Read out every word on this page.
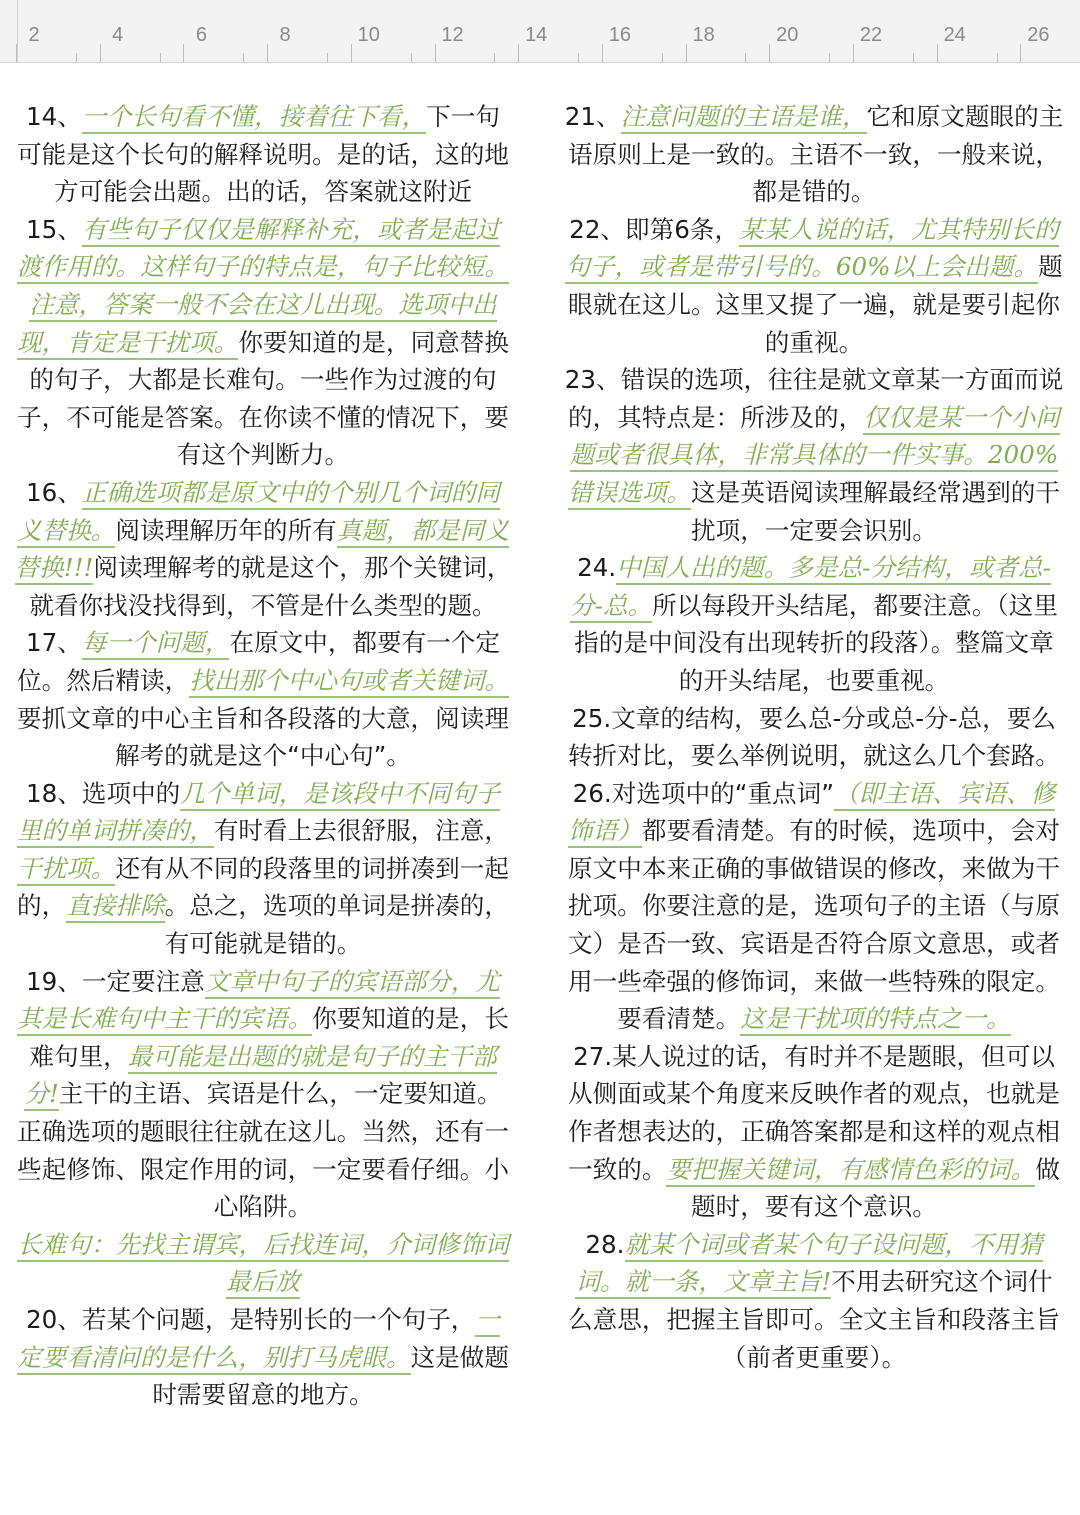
2	4	6	8	10	12	14	16	18	20	22	24	26

14、一个长句看不懂，接着往下看，下一句可能是这个长句的解释说明。是的话，这的地方可能会出题。出的话，答案就这附近

15、有些句子仅仅是解释补充，或者是起过渡作用的。这样句子的特点是，句子比较短。注意，答案一般不会在这儿出现。选项中出现，肯定是干扰项。你要知道的是，同意替换的句子，大都是长难句。一些作为过渡的句子，不可能是答案。在你读不懂的情况下，要有这个判断力。

16、正确选项都是原文中的个别几个词的同义替换。阅读理解历年的所有真题，都是同义替换!!!阅读理解考的就是这个，那个关键词，就看你找没找得到，不管是什么类型的题。

17、每一个问题，在原文中，都要有一个定位。然后精读，找出那个中心句或者关键词。要抓文章的中心主旨和各段落的大意，阅读理解考的就是这个“中心句”。

18、选项中的几个单词，是该段中不同句子里的单词拼凑的，有时看上去很舒服，注意，干扰项。还有从不同的段落里的词拼凑到一起的，直接排除。总之，选项的单词是拼凑的，有可能就是错的。

19、一定要注意文章中句子的宾语部分，尤其是长难句中主干的宾语。你要知道的是，长难句里，最可能是出题的就是句子的主干部分!主干的主语、宾语是什么，一定要知道。正确选项的题眼往往就在这儿。当然，还有一些起修饰、限定作用的词，一定要看仔细。小心陷阱。

长难句：先找主谓宾，后找连词，介词修饰词最后放

20、若某个问题，是特别长的一个句子，一定要看清问的是什么，别打马虎眼。这是做题时需要留意的地方。

21、注意问题的主语是谁，它和原文题眼的主语原则上是一致的。主语不一致，一般来说，都是错的。

22、即第6条，某某人说的话，尤其特别长的句子，或者是带引号的。60%以上会出题。题眼就在这儿。这里又提了一遍，就是要引起你的重视。

23、错误的选项，往往是就文章某一方面而说的，其特点是：所涉及的，仅仅是某一个小问题或者很具体，非常具体的一件实事。200%错误选项。这是英语阅读理解最经常遇到的干扰项，一定要会识别。

24.中国人出的题。多是总-分结构，或者总-分-总。所以每段开头结尾，都要注意。（这里指的是中间没有出现转折的段落）。整篇文章的开头结尾，也要重视。

25.文章的结构，要么总-分或总-分-总，要么转折对比，要么举例说明，就这么几个套路。

26.对选项中的“重点词”（即主语、宾语、修饰语）都要看清楚。有的时候，选项中，会对原文中本来正确的事做错误的修改，来做为干扰项。你要注意的是，选项句子的主语（与原文）是否一致、宾语是否符合原文意思，或者用一些牵强的修饰词，来做一些特殊的限定。要看清楚。这是干扰项的特点之一。

27.某人说过的话，有时并不是题眼，但可以从侧面或某个角度来反映作者的观点，也就是作者想表达的，正确答案都是和这样的观点相一致的。要把握关键词，有感情色彩的词。做题时，要有这个意识。

28.就某个词或者某个句子设问题，不用猜词。就一条，文章主旨!不用去研究这个词什么意思，把握主旨即可。全文主旨和段落主旨（前者更重要）。
